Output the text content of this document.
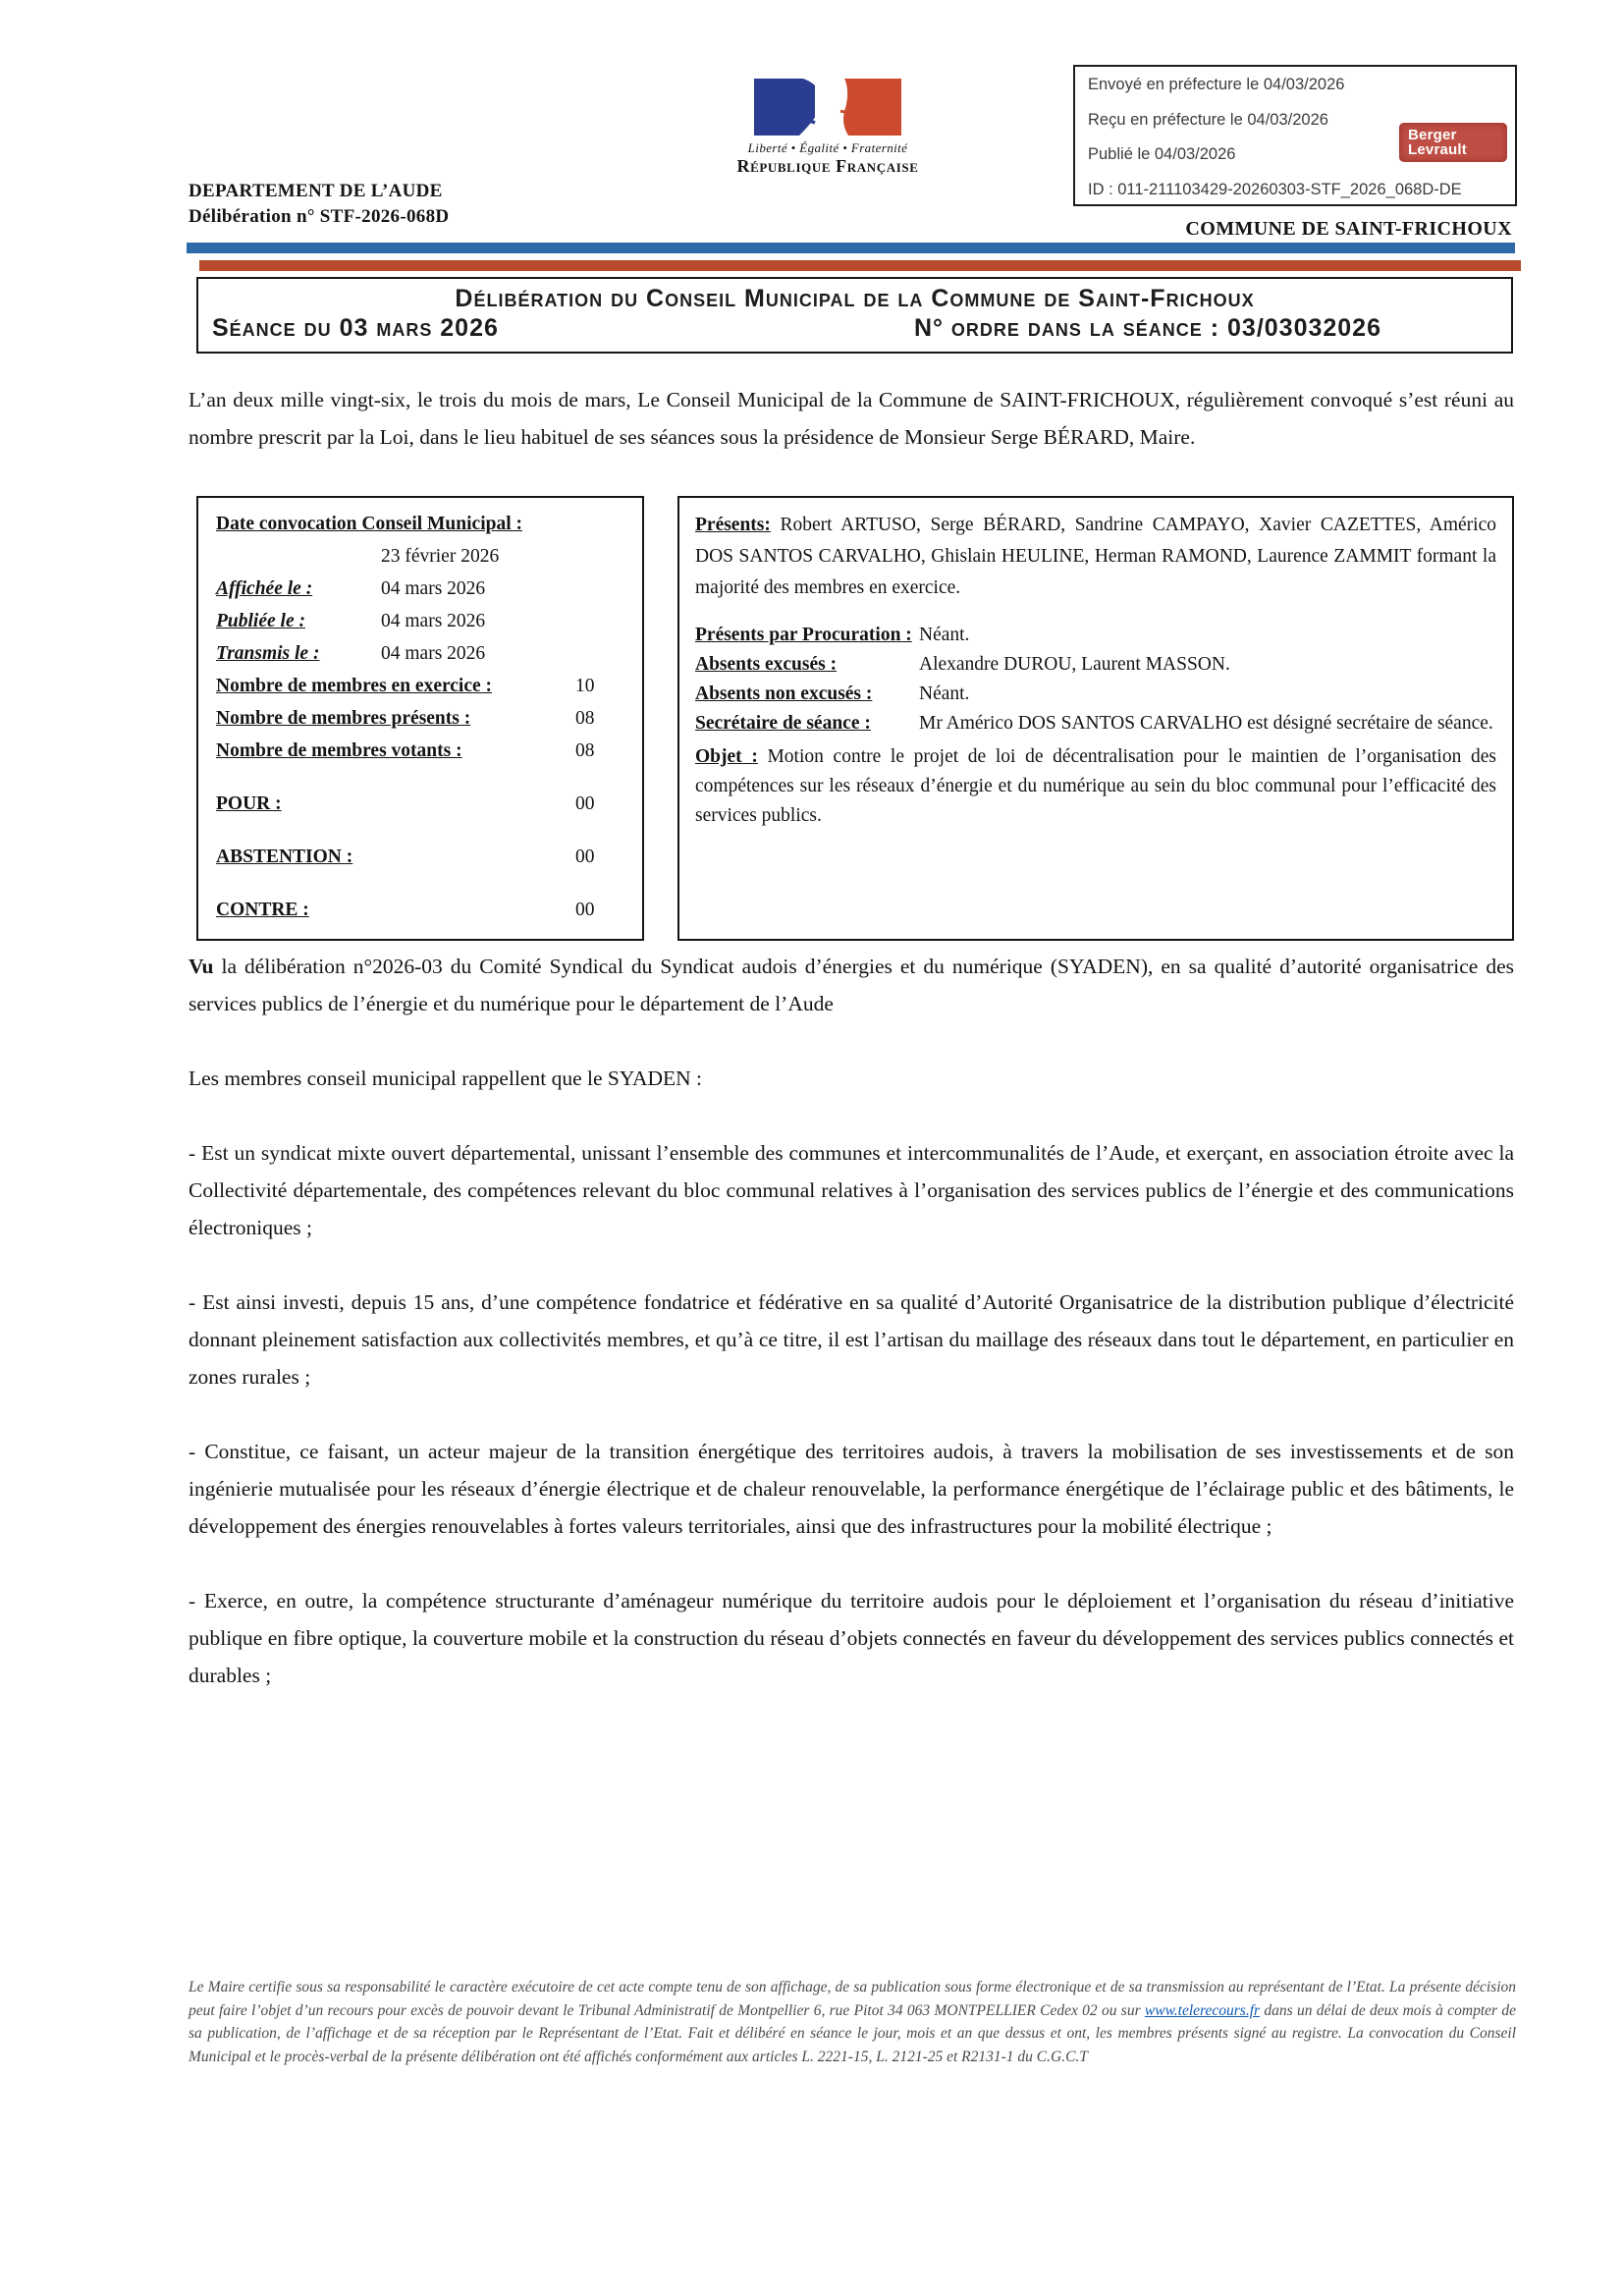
Liberté • Égalité • Fraternité
République Française
Envoyé en préfecture le 04/03/2026
Reçu en préfecture le 04/03/2026
Publié le 04/03/2026
ID : 011-211103429-20260303-STF_2026_068D-DE
Berger
Levrault
DEPARTEMENT DE L’AUDE
Délibération n° STF-2026-068D
COMMUNE DE SAINT-FRICHOUX
Délibération du Conseil Municipal de la Commune de Saint-Frichoux
Séance du 03 mars 2026	N° ordre dans la séance : 03/03032026

L’an deux mille vingt-six, le trois du mois de mars, Le Conseil Municipal de la Commune de SAINT-FRICHOUX, régulièrement convoqué s’est réuni au nombre prescrit par la Loi, dans le lieu habituel de ses séances sous la présidence de Monsieur Serge BÉRARD, Maire.

Date convocation Conseil Municipal :
23 février 2026
Affichée le :	04 mars 2026
Publiée le :	04 mars 2026
Transmis le :	04 mars 2026
Nombre de membres en exercice :	10
Nombre de membres présents :	08
Nombre de membres votants :	08
POUR :	00
ABSTENTION :	00
CONTRE :	00

Présents: Robert ARTUSO, Serge BÉRARD, Sandrine CAMPAYO, Xavier CAZETTES, Américo DOS SANTOS CARVALHO, Ghislain HEULINE, Herman RAMOND, Laurence ZAMMIT formant la majorité des membres en exercice.

Présents par Procuration : Néant.
Absents excusés :	Alexandre DUROU, Laurent MASSON.
Absents non excusés :	Néant.
Secrétaire de séance :	Mr Américo DOS SANTOS CARVALHO est désigné secrétaire de séance.

Objet : Motion contre le projet de loi de décentralisation pour le maintien de l’organisation des compétences sur les réseaux d’énergie et du numérique au sein du bloc communal pour l’efficacité des services publics.

Vu la délibération n°2026-03 du Comité Syndical du Syndicat audois d’énergies et du numérique (SYADEN), en sa qualité d’autorité organisatrice des services publics de l’énergie et du numérique pour le département de l’Aude

Les membres conseil municipal rappellent que le SYADEN :

- Est un syndicat mixte ouvert départemental, unissant l’ensemble des communes et intercommunalités de l’Aude, et exerçant, en association étroite avec la Collectivité départementale, des compétences relevant du bloc communal relatives à l’organisation des services publics de l’énergie et des communications électroniques ;

- Est ainsi investi, depuis 15 ans, d’une compétence fondatrice et fédérative en sa qualité d’Autorité Organisatrice de la distribution publique d’électricité donnant pleinement satisfaction aux collectivités membres, et qu’à ce titre, il est l’artisan du maillage des réseaux dans tout le département, en particulier en zones rurales ;

- Constitue, ce faisant, un acteur majeur de la transition énergétique des territoires audois, à travers la mobilisation de ses investissements et de son ingénierie mutualisée pour les réseaux d’énergie électrique et de chaleur renouvelable, la performance énergétique de l’éclairage public et des bâtiments, le développement des énergies renouvelables à fortes valeurs territoriales, ainsi que des infrastructures pour la mobilité électrique ;

- Exerce, en outre, la compétence structurante d’aménageur numérique du territoire audois pour le déploiement et l’organisation du réseau d’initiative publique en fibre optique, la couverture mobile et la construction du réseau d’objets connectés en faveur du développement des services publics connectés et durables ;

Le Maire certifie sous sa responsabilité le caractère exécutoire de cet acte compte tenu de son affichage, de sa publication sous forme électronique et de sa transmission au représentant de l’Etat. La présente décision peut faire l’objet d’un recours pour excès de pouvoir devant le Tribunal Administratif de Montpellier 6, rue Pitot 34 063 MONTPELLIER Cedex 02 ou sur www.telerecours.fr dans un délai de deux mois à compter de sa publication, de l’affichage et de sa réception par le Représentant de l’Etat. Fait et délibéré en séance le jour, mois et an que dessus et ont, les membres présents signé au registre. La convocation du Conseil Municipal et le procès-verbal de la présente délibération ont été affichés conformément aux articles L. 2221-15, L. 2121-25 et R2131-1 du C.G.C.T
